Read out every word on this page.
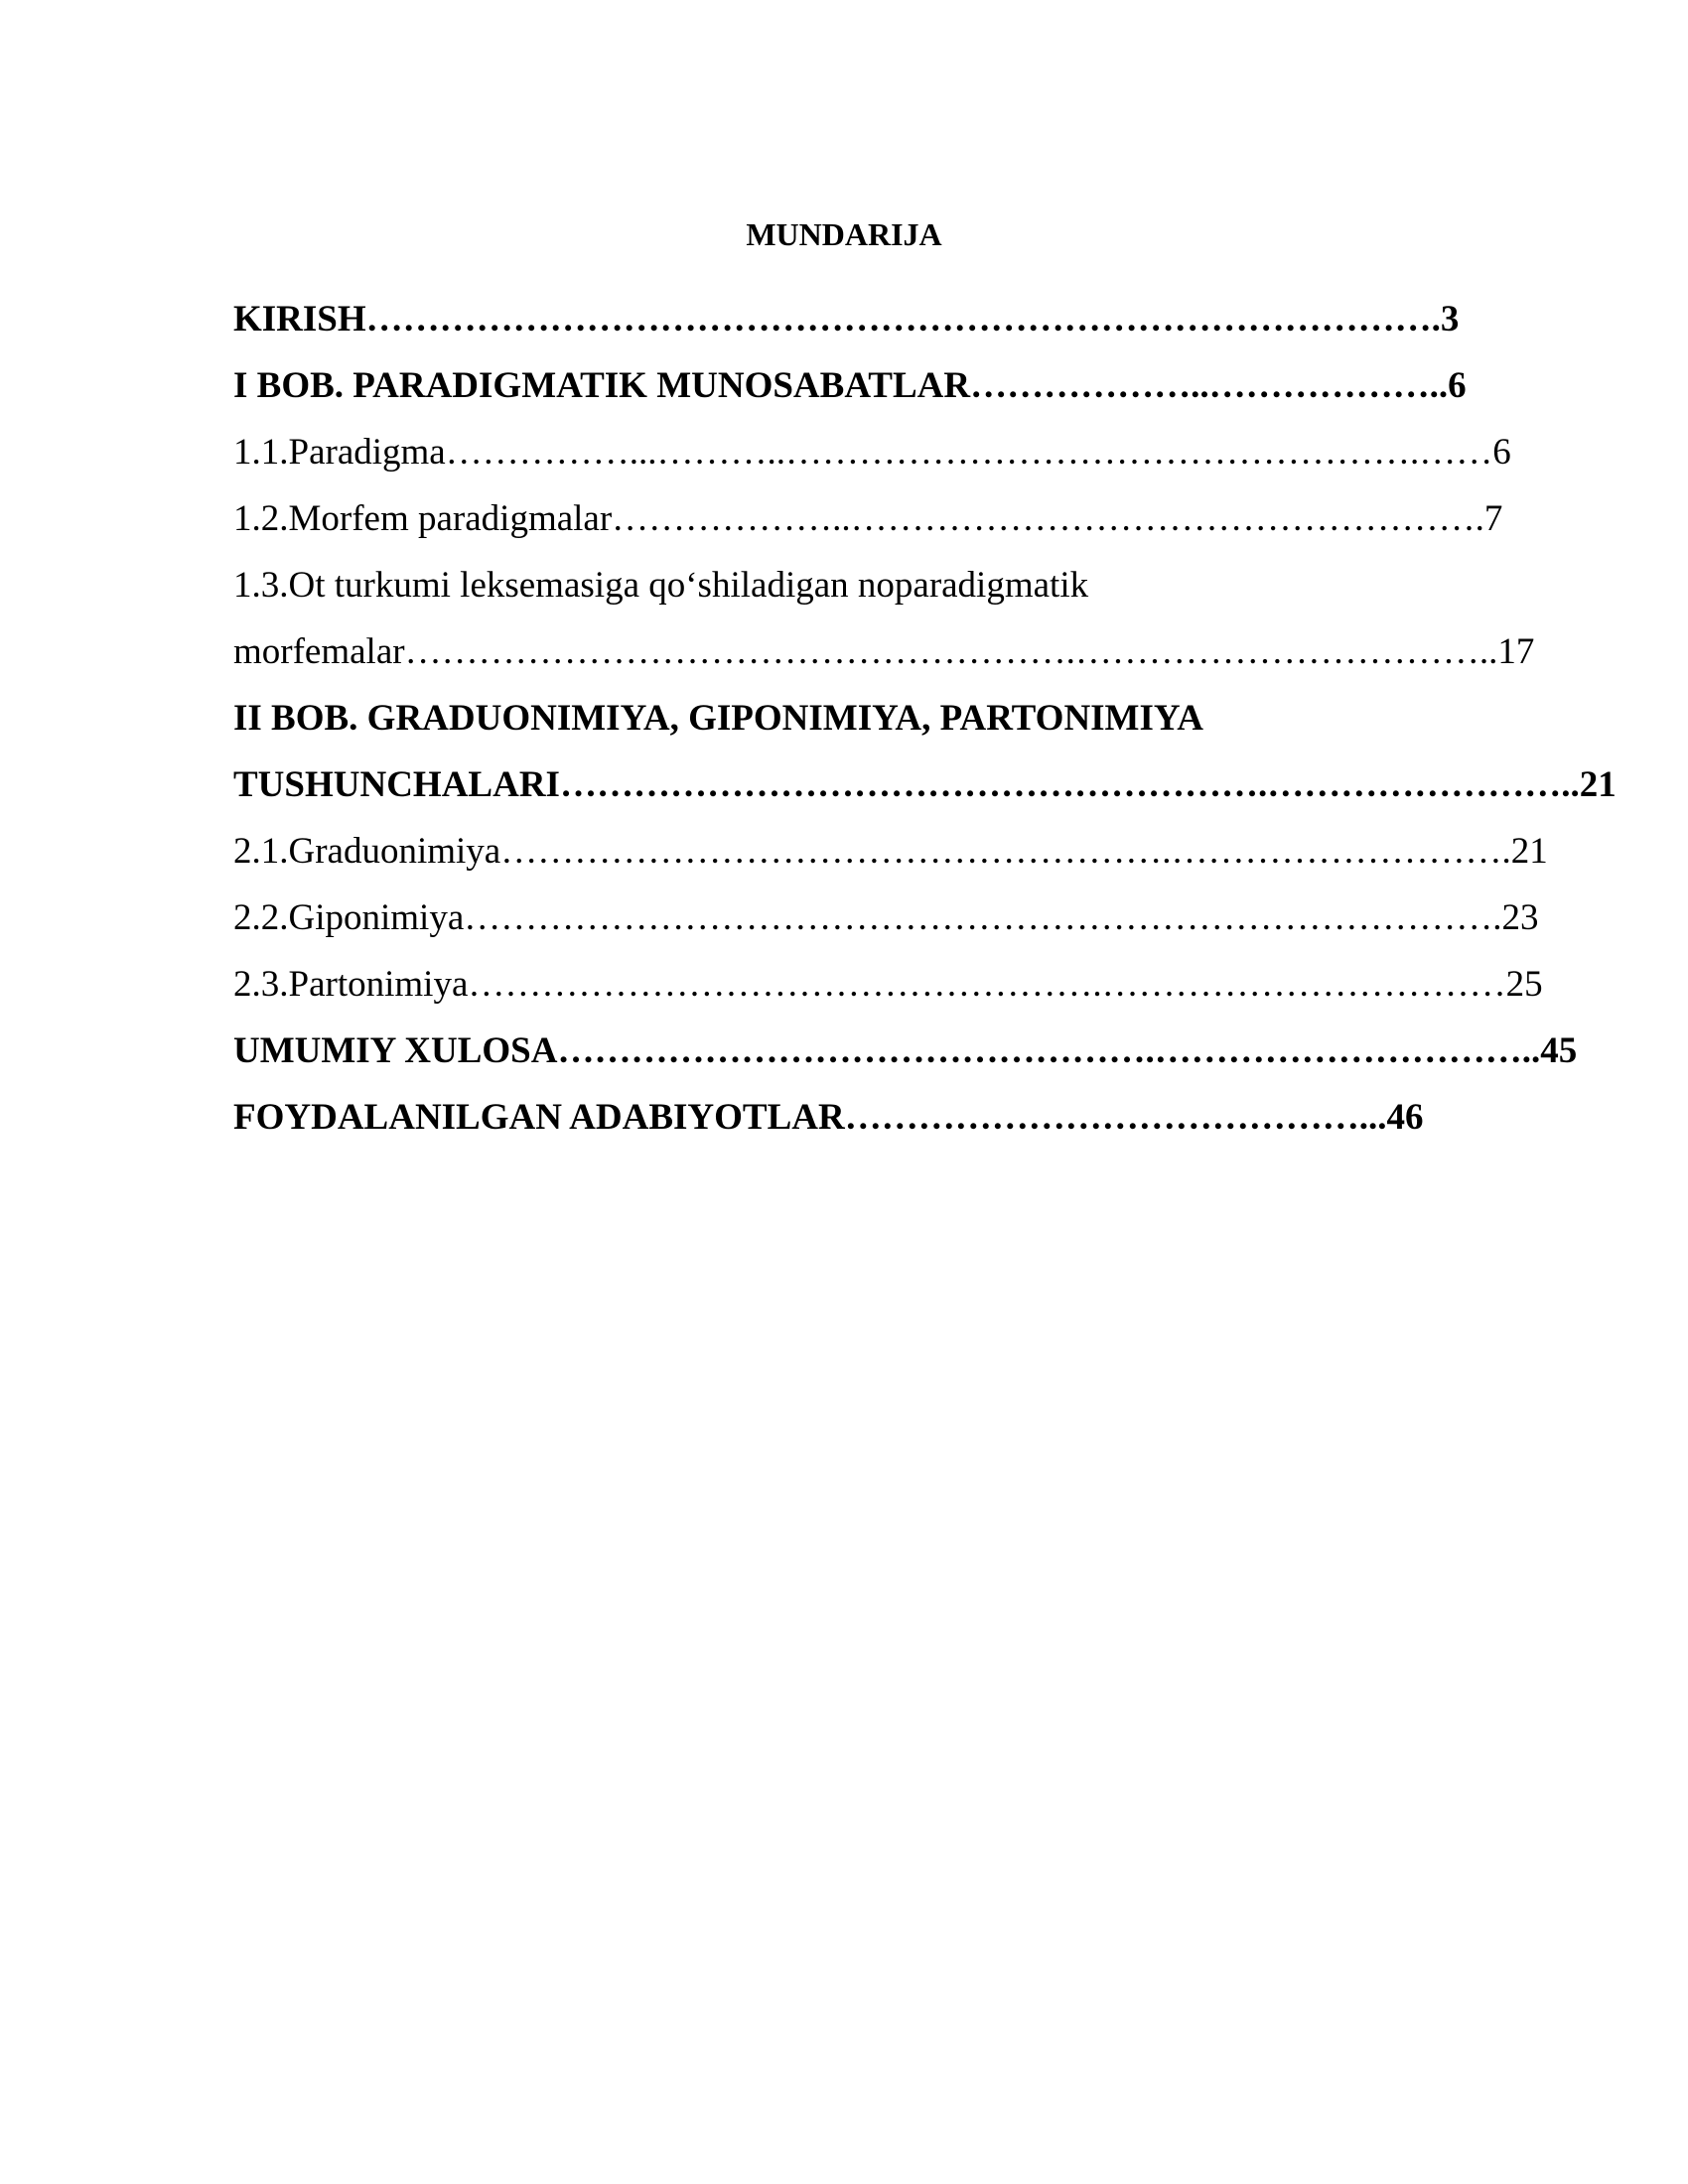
MUNDARIJA
KIRISH…………………………………………………………………………….3
I BOB. PARADIGMATIK MUNOSABATLAR………………..………………..6
1.1.Paradigma……………...………..…………………………………………….……6
1.2.Morfem paradigmalar………………..…………………………………………….7
1.3.Ot turkumi leksemasiga qo‘shiladigan noparadigmatik
morfemalar……………………………………………….……………………………..17
II BOB. GRADUONIMIYA, GIPONIMIYA, PARTONIMIYA
TUSHUNCHALARI………………………………………………….……………………..21
2.1.Graduonimiya……………………………………………….……………………….21
2.2.Giponimiya………………………………………………………………………….23
2.3.Partonimiya…………………………………………….……………………………25
UMUMIY XULOSA………………………………………….…………………………..45
FOYDALANILGAN ADABIYOTLAR……………………………………...46
